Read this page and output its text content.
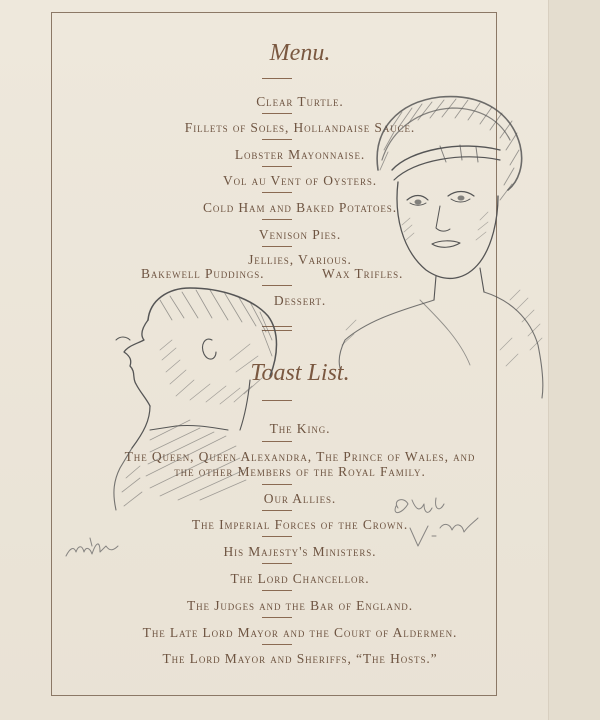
Menu.

Clear Turtle.

Fillets of Soles, Hollandaise Sauce.

Lobster Mayonnaise.

Vol au Vent of Oysters.

Cold Ham and Baked Potatoes.

Venison Pies.

Jellies, Various.

Bakewell Puddings.	Wax Trifles.

Dessert.

Toast List.

The King.

The Queen, Queen Alexandra, The Prince of Wales, and

the other Members of the Royal Family.

Our Allies.

The Imperial Forces of the Crown.

His Majesty's Ministers.

The Lord Chancellor.

The Judges and the Bar of England.

The Late Lord Mayor and the Court of Aldermen.

The Lord Mayor and Sheriffs, “The Hosts.”
